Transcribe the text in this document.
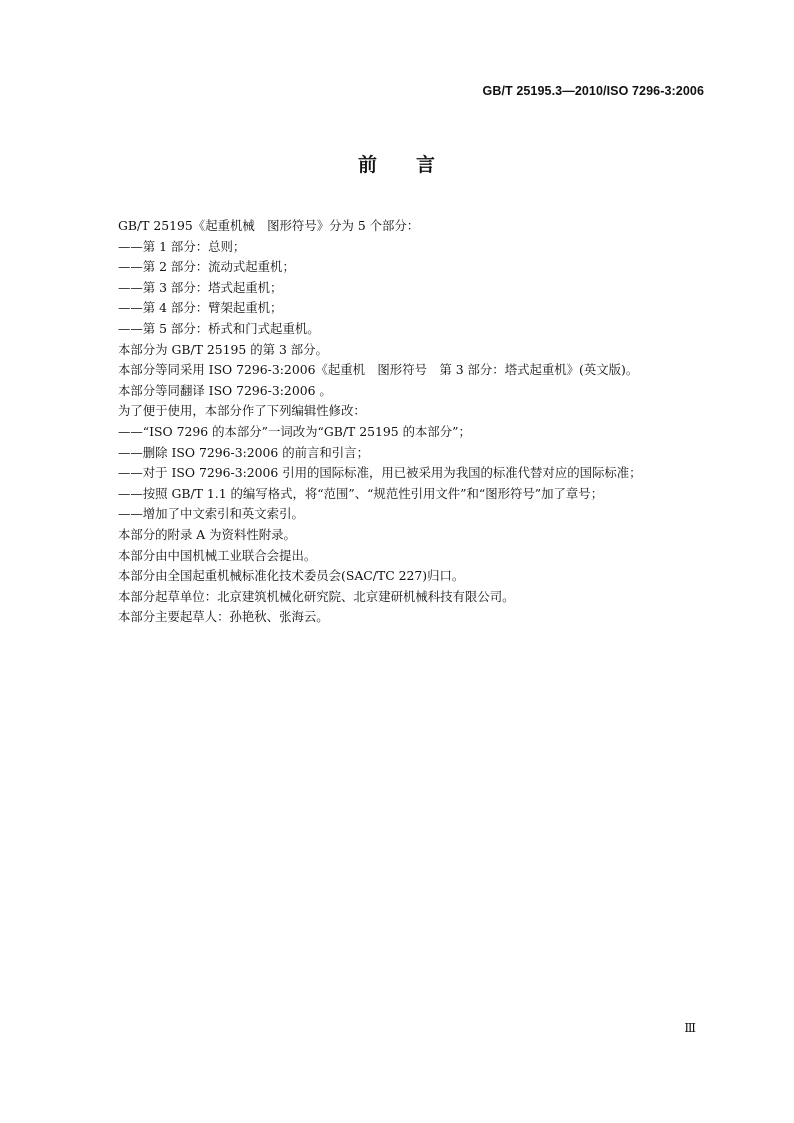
GB/T 25195.3—2010/ISO 7296-3:2006
前 言
GB/T 25195《起重机械　图形符号》分为 5 个部分：
——第 1 部分：总则；
——第 2 部分：流动式起重机；
——第 3 部分：塔式起重机；
——第 4 部分：臂架起重机；
——第 5 部分：桥式和门式起重机。
本部分为 GB/T 25195 的第 3 部分。
本部分等同采用 ISO 7296-3:2006《起重机　图形符号　第 3 部分：塔式起重机》(英文版)。
本部分等同翻译 ISO 7296-3:2006 。
为了便于使用，本部分作了下列编辑性修改：
——“ISO 7296 的本部分”一词改为“GB/T 25195 的本部分”；
——删除 ISO 7296-3:2006 的前言和引言；
——对于 ISO 7296-3:2006 引用的国际标准，用已被采用为我国的标准代替对应的国际标准；
——按照 GB/T 1.1 的编写格式，将“范围”、“规范性引用文件”和“图形符号”加了章号；
——增加了中文索引和英文索引。
本部分的附录 A 为资料性附录。
本部分由中国机械工业联合会提出。
本部分由全国起重机械标准化技术委员会(SAC/TC 227)归口。
本部分起草单位：北京建筑机械化研究院、北京建研机械科技有限公司。
本部分主要起草人：孙艳秋、张海云。
Ⅲ
